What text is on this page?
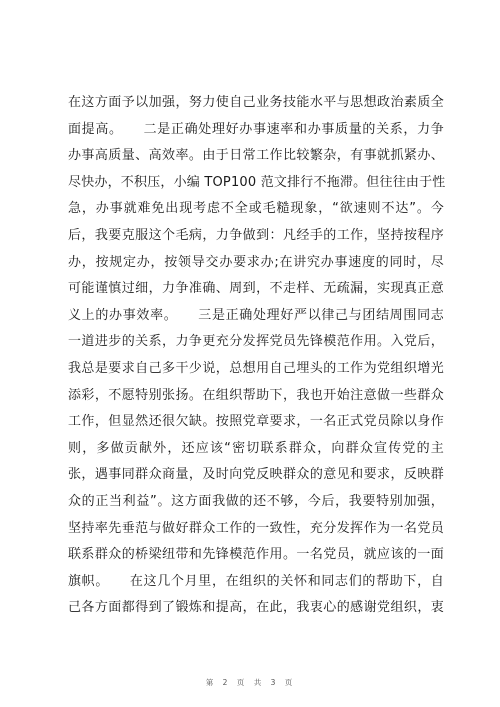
在这方面予以加强，努力使自己业务技能水平与思想政治素质全
面提高。　　二是正确处理好办事速率和办事质量的关系，力争
办事高质量、高效率。由于日常工作比较繁杂，有事就抓紧办、
尽快办，不积压，小编 TOP100 范文排行不拖滞。但往往由于性
急，办事就难免出现考虑不全或毛糙现象，“欲速则不达”。今
后，我要克服这个毛病，力争做到：凡经手的工作，坚持按程序
办，按规定办，按领导交办要求办;在讲究办事速度的同时，尽
可能谨慎过细，力争准确、周到，不走样、无疏漏，实现真正意
义上的办事效率。　　三是正确处理好严以律己与团结周围同志
一道进步的关系，力争更充分发挥党员先锋模范作用。入党后，
我总是要求自己多干少说，总想用自己埋头的工作为党组织增光
添彩，不愿特别张扬。在组织帮助下，我也开始注意做一些群众
工作，但显然还很欠缺。按照党章要求，一名正式党员除以身作
则，多做贡献外，还应该“密切联系群众，向群众宣传党的主
张，遇事同群众商量，及时向党反映群众的意见和要求，反映群
众的正当利益”。这方面我做的还不够，今后，我要特别加强，
坚持率先垂范与做好群众工作的一致性，充分发挥作为一名党员
联系群众的桥梁纽带和先锋模范作用。一名党员，就应该的一面
旗帜。　　在这几个月里，在组织的关怀和同志们的帮助下，自
己各方面都得到了锻炼和提高，在此，我衷心的感谢党组织，衷
第 2 页 共 3 页
